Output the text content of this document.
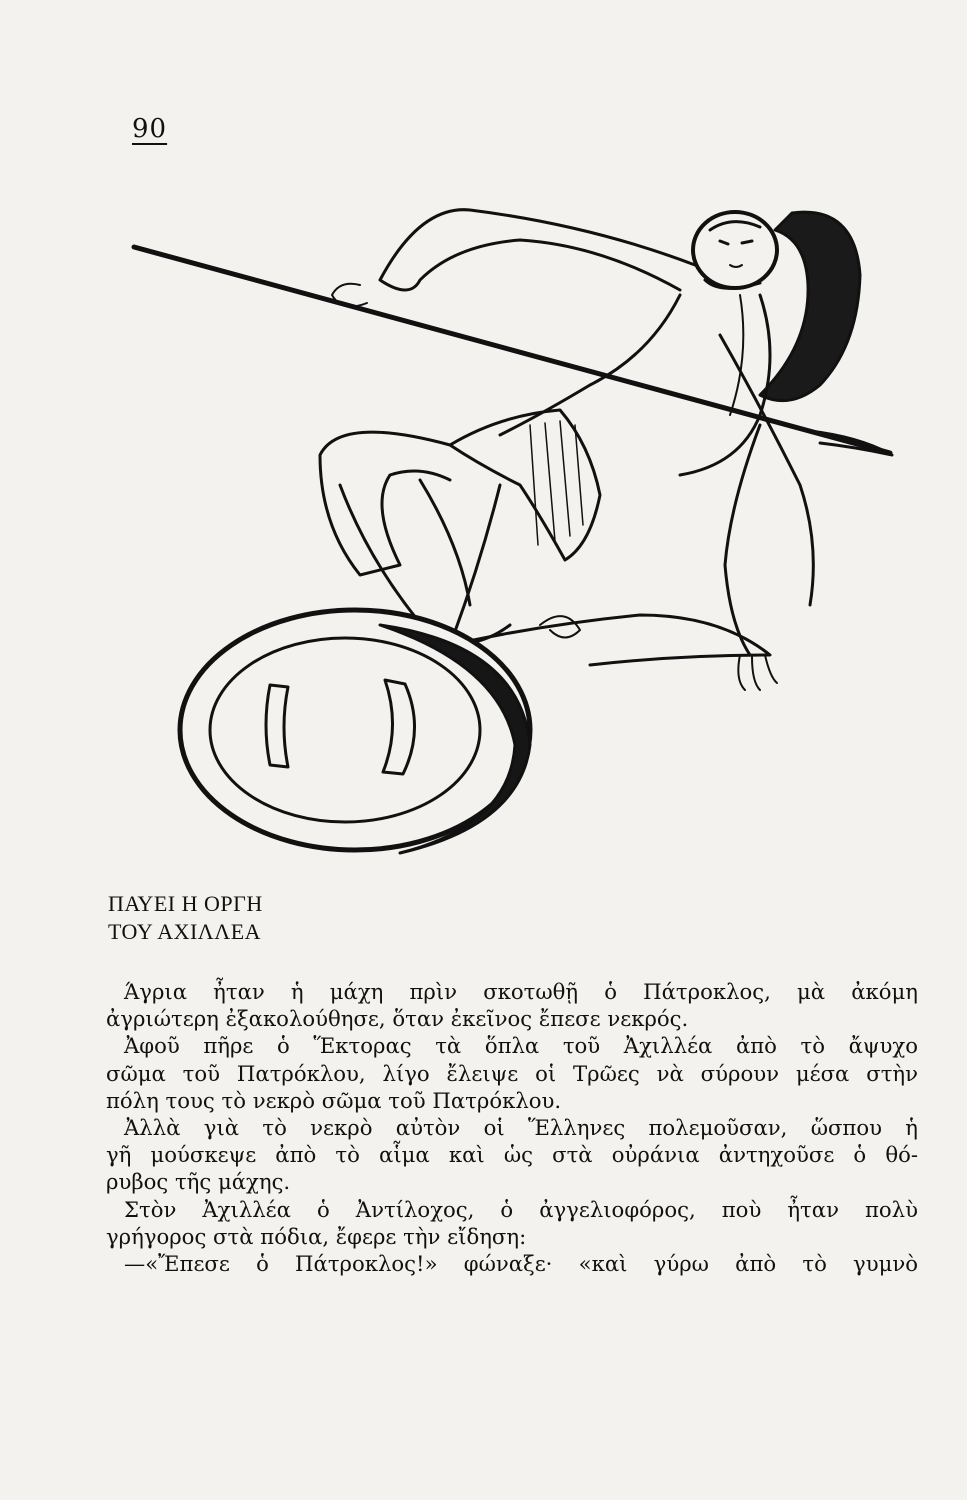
90
ΠΑΥΕΙ Η ΟΡΓΗ
ΤΟΥ ΑΧΙΛΛΕΑ
Άγρια ἦταν ἡ μάχη πρὶν σκοτωθῇ ὁ Πάτροκλος, μὰ ἀκόμη
ἀγριώτερη ἐξακολούθησε, ὅταν ἐκεῖνος ἔπεσε νεκρός.
Ἀφοῦ πῆρε ὁ Ἕκτορας τὰ ὅπλα τοῦ Ἀχιλλέα ἀπὸ τὸ ἄψυχο
σῶμα τοῦ Πατρόκλου, λίγο ἔλειψε οἱ Τρῶες νὰ σύρουν μέσα στὴν
πόλη τους τὸ νεκρὸ σῶμα τοῦ Πατρόκλου.
Ἀλλὰ γιὰ τὸ νεκρὸ αὐτὸν οἱ Ἕλληνες πολεμοῦσαν, ὥσπου ἡ
γῆ μούσκεψε ἀπὸ τὸ αἷμα καὶ ὡς στὰ οὐράνια ἀντηχοῦσε ὁ θό-
ρυβος τῆς μάχης.
Στὸν Ἀχιλλέα ὁ Ἀντίλοχος, ὁ ἀγγελιοφόρος, ποὺ ἦταν πολὺ
γρήγορος στὰ πόδια, ἔφερε τὴν εἴδηση:
—«Ἔπεσε ὁ Πάτροκλος!» φώναξε· «καὶ γύρω ἀπὸ τὸ γυμνὸ
